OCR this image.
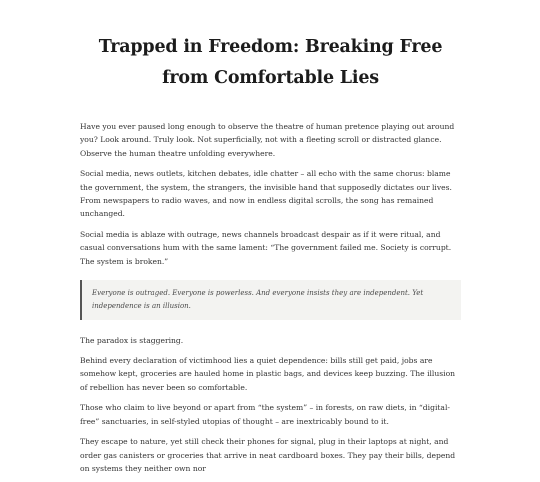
Trapped in Freedom: Breaking Free from Comfortable Lies

Have you ever paused long enough to observe the theatre of human pretence playing out around you? Look around. Truly look. Not superficially, not with a fleeting scroll or distracted glance. Observe the human theatre unfolding everywhere.

Social media, news outlets, kitchen debates, idle chatter – all echo with the same chorus: blame the government, the system, the strangers, the invisible hand that supposedly dictates our lives. From newspapers to radio waves, and now in endless digital scrolls, the song has remained unchanged.

Social media is ablaze with outrage, news channels broadcast despair as if it were ritual, and casual conversations hum with the same lament: “The government failed me. Society is corrupt. The system is broken.”

Everyone is outraged. Everyone is powerless. And everyone insists they are independent. Yet independence is an illusion.

The paradox is staggering.

Behind every declaration of victimhood lies a quiet dependence: bills still get paid, jobs are somehow kept, groceries are hauled home in plastic bags, and devices keep buzzing. The illusion of rebellion has never been so comfortable.

Those who claim to live beyond or apart from “the system” – in forests, on raw diets, in “digital-free” sanctuaries, in self-styled utopias of thought – are inextricably bound to it.

They escape to nature, yet still check their phones for signal, plug in their laptops at night, and order gas canisters or groceries that arrive in neat cardboard boxes. They pay their bills, depend on systems they neither own nor
